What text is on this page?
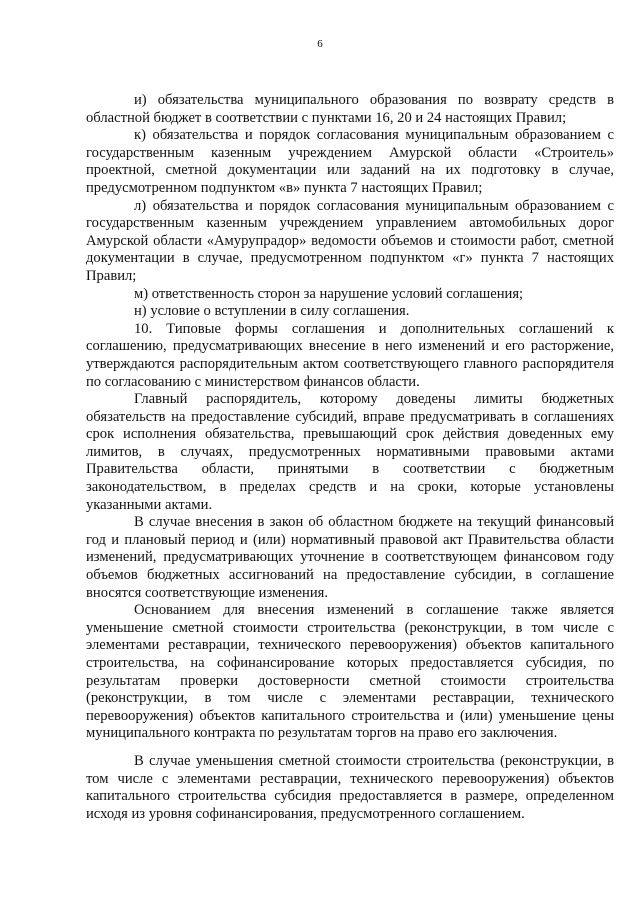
6

и) обязательства муниципального образования по возврату средств в областной бюджет в соответствии с пунктами 16, 20 и 24 настоящих Правил;

к) обязательства и порядок согласования муниципальным образованием с государственным казенным учреждением Амурской области «Строитель» проектной, сметной документации или заданий на их подготовку в случае, предусмотренном подпунктом «в» пункта 7 настоящих Правил;

л) обязательства и порядок согласования муниципальным образованием с государственным казенным учреждением управлением автомобильных дорог Амурской области «Амурупрадор» ведомости объемов и стоимости работ, сметной документации в случае, предусмотренном подпунктом «г» пункта 7 настоящих Правил;

м) ответственность сторон за нарушение условий соглашения;

н) условие о вступлении в силу соглашения.

10. Типовые формы соглашения и дополнительных соглашений к соглашению, предусматривающих внесение в него изменений и его расторжение, утверждаются распорядительным актом соответствующего главного распорядителя по согласованию с министерством финансов области.

Главный распорядитель, которому доведены лимиты бюджетных обязательств на предоставление субсидий, вправе предусматривать в соглашениях срок исполнения обязательства, превышающий срок действия доведенных ему лимитов, в случаях, предусмотренных нормативными правовыми актами Правительства области, принятыми в соответствии с бюджетным законодательством, в пределах средств и на сроки, которые установлены указанными актами.

В случае внесения в закон об областном бюджете на текущий финансовый год и плановый период и (или) нормативный правовой акт Правительства области изменений, предусматривающих уточнение в соответствующем финансовом году объемов бюджетных ассигнований на предоставление субсидии, в соглашение вносятся соответствующие изменения.

Основанием для внесения изменений в соглашение также является уменьшение сметной стоимости строительства (реконструкции, в том числе с элементами реставрации, технического перевооружения) объектов капитального строительства, на софинансирование которых предоставляется субсидия, по результатам проверки достоверности сметной стоимости строительства (реконструкции, в том числе с элементами реставрации, технического перевооружения) объектов капитального строительства и (или) уменьшение цены муниципального контракта по результатам торгов на право его заключения.

В случае уменьшения сметной стоимости строительства (реконструкции, в том числе с элементами реставрации, технического перевооружения) объектов капитального строительства субсидия предоставляется в размере, определенном исходя из уровня софинансирования, предусмотренного соглашением.
